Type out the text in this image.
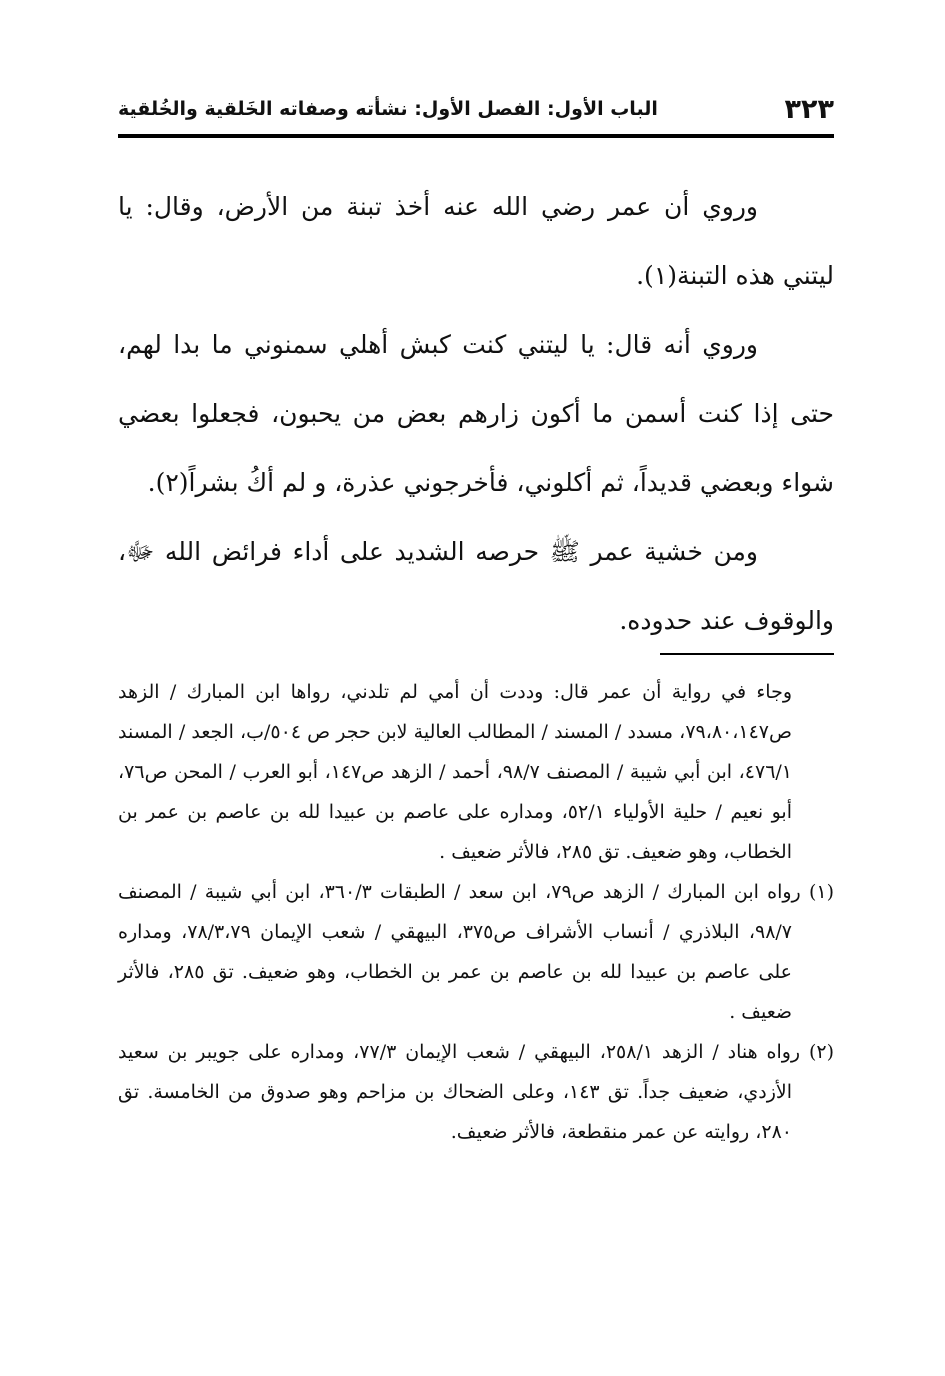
٣٢٣
الباب الأول: الفصل الأول: نشأته وصفاته الخَلقية والخُلقية

وروي أن عمر رضي الله عنه أخذ تبنة من الأرض، وقال: يا ليتني هذه التبنة(١).

وروي أنه قال: يا ليتني كنت كبش أهلي سمنوني ما بدا لهم، حتى إذا كنت أسمن ما أكون زارهم بعض من يحبون، فجعلوا بعضي شواء وبعضي قديداً، ثم أكلوني، فأخرجوني عذرة، و لم أكُ بشراً(٢).

ومن خشية عمر ﷺ حرصه الشديد على أداء فرائض الله ﷻ، والوقوف عند حدوده.

وجاء في رواية أن عمر قال: وددت أن أمي لم تلدني، رواها ابن المبارك / الزهد ص٧٩،٨٠،١٤٧، مسدد / المسند / المطالب العالية لابن حجر ص ٥٠٤/ب، الجعد / المسند ٤٧٦/١، ابن أبي شيبة / المصنف ٩٨/٧، أحمد / الزهد ص١٤٧، أبو العرب / المحن ص٧٦، أبو نعيم / حلية الأولياء ٥٢/١، ومداره على عاصم بن عبيدا لله بن عاصم بن عمر بن الخطاب، وهو ضعيف. تق ٢٨٥، فالأثر ضعيف .

(١) رواه ابن المبارك / الزهد ص٧٩، ابن سعد / الطبقات ٣٦٠/٣، ابن أبي شيبة / المصنف ٩٨/٧، البلاذري / أنساب الأشراف ص٣٧٥، البيهقي / شعب الإيمان ٧٨/٣،٧٩، ومداره على عاصم بن عبيدا لله بن عاصم بن عمر بن الخطاب، وهو ضعيف. تق ٢٨٥، فالأثر ضعيف .

(٢) رواه هناد / الزهد ٢٥٨/١، البيهقي / شعب الإيمان ٧٧/٣، ومداره على جويبر بن سعيد الأزدي، ضعيف جداً. تق ١٤٣، وعلى الضحاك بن مزاحم وهو صدوق من الخامسة. تق ٢٨٠، روايته عن عمر منقطعة، فالأثر ضعيف.
